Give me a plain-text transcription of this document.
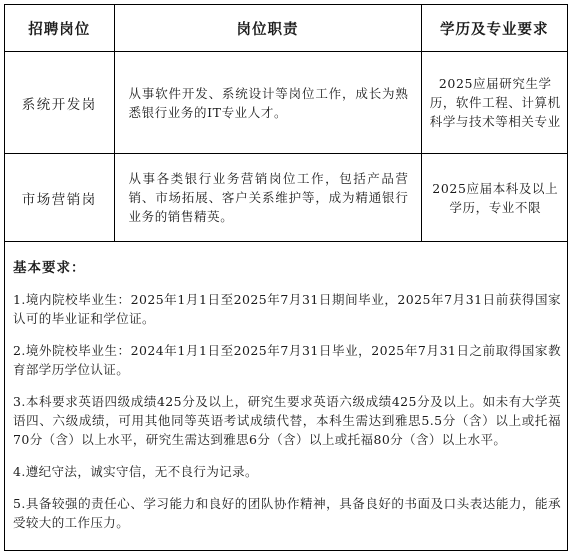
招聘岗位	岗位职责	学历及专业要求
系统开发岗	从事软件开发、系统设计等岗位工作，成长为熟悉银行业务的IT专业人才。	2025应届研究生学历，软件工程、计算机科学与技术等相关专业
市场营销岗	从事各类银行业务营销岗位工作，包括产品营销、市场拓展、客户关系维护等，成为精通银行业务的销售精英。	2025应届本科及以上学历，专业不限
基本要求：
1.境内院校毕业生：2025年1月1日至2025年7月31日期间毕业，2025年7月31日前获得国家认可的毕业证和学位证。
2.境外院校毕业生：2024年1月1日至2025年7月31日毕业，2025年7月31日之前取得国家教育部学历学位认证。
3.本科要求英语四级成绩425分及以上，研究生要求英语六级成绩425分及以上。如未有大学英语四、六级成绩，可用其他同等英语考试成绩代替，本科生需达到雅思5.5分（含）以上或托福70分（含）以上水平，研究生需达到雅思6分（含）以上或托福80分（含）以上水平。
4.遵纪守法，诚实守信，无不良行为记录。
5.具备较强的责任心、学习能力和良好的团队协作精神，具备良好的书面及口头表达能力，能承受较大的工作压力。
